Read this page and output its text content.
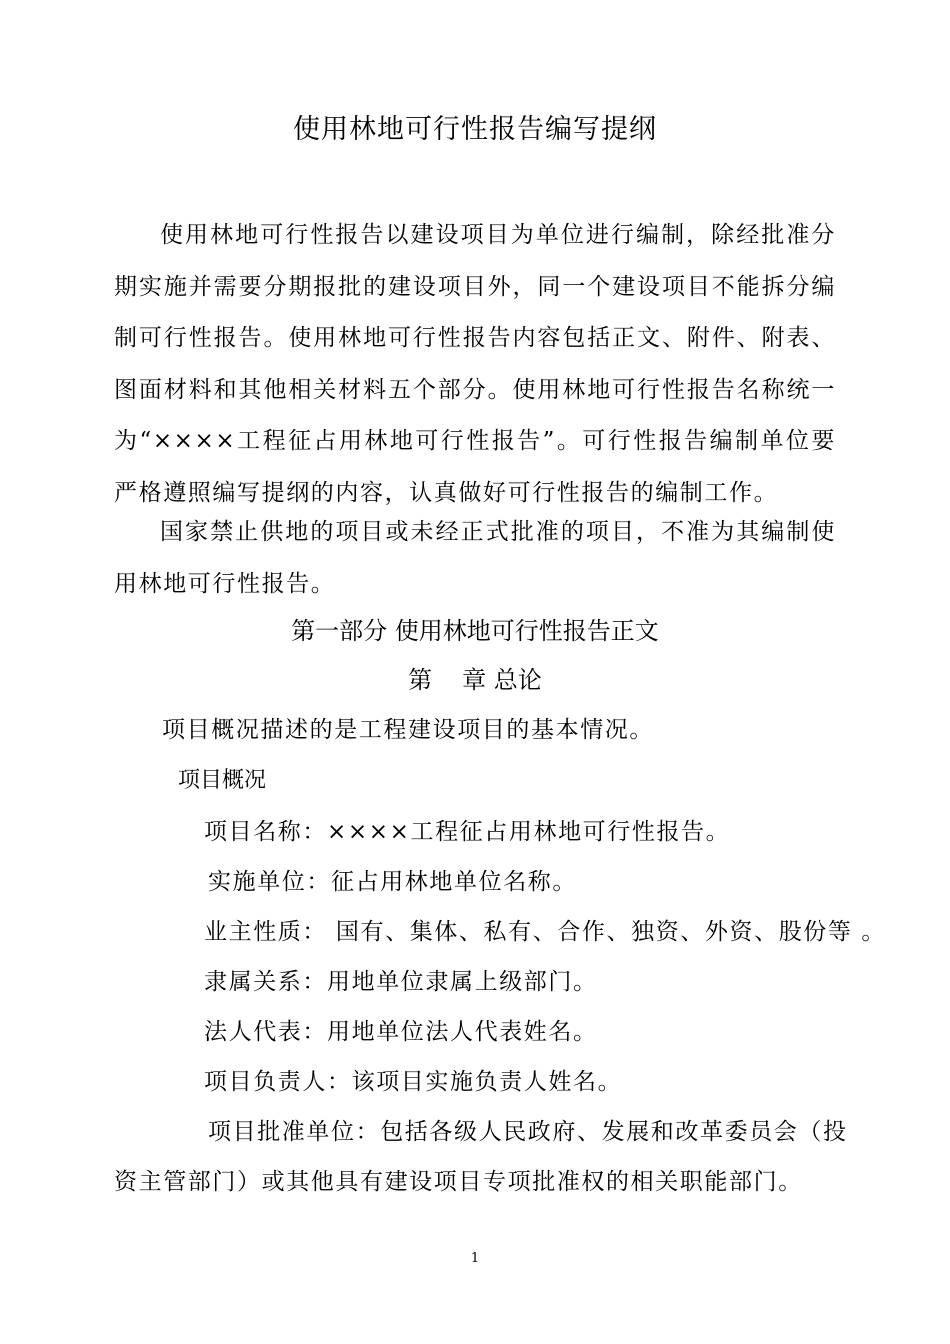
使用林地可行性报告编写提纲

使用林地可行性报告以建设项目为单位进行编制，除经批准分期实施并需要分期报批的建设项目外，同一个建设项目不能拆分编制可行性报告。使用林地可行性报告内容包括正文、附件、附表、图面材料和其他相关材料五个部分。使用林地可行性报告名称统一为“××××工程征占用林地可行性报告”。可行性报告编制单位要严格遵照编写提纲的内容，认真做好可行性报告的编制工作。

国家禁止供地的项目或未经正式批准的项目，不准为其编制使用林地可行性报告。

第一部分 使用林地可行性报告正文
第 章 总论
项目概况描述的是工程建设项目的基本情况。
项目概况
项目名称：××××工程征占用林地可行性报告。
实施单位：征占用林地单位名称。
业主性质： 国有、集体、私有、合作、独资、外资、股份等 。
隶属关系：用地单位隶属上级部门。
法人代表：用地单位法人代表姓名。
项目负责人：该项目实施负责人姓名。
项目批准单位：包括各级人民政府、发展和改革委员会（投
资主管部门）或其他具有建设项目专项批准权的相关职能部门。
1
